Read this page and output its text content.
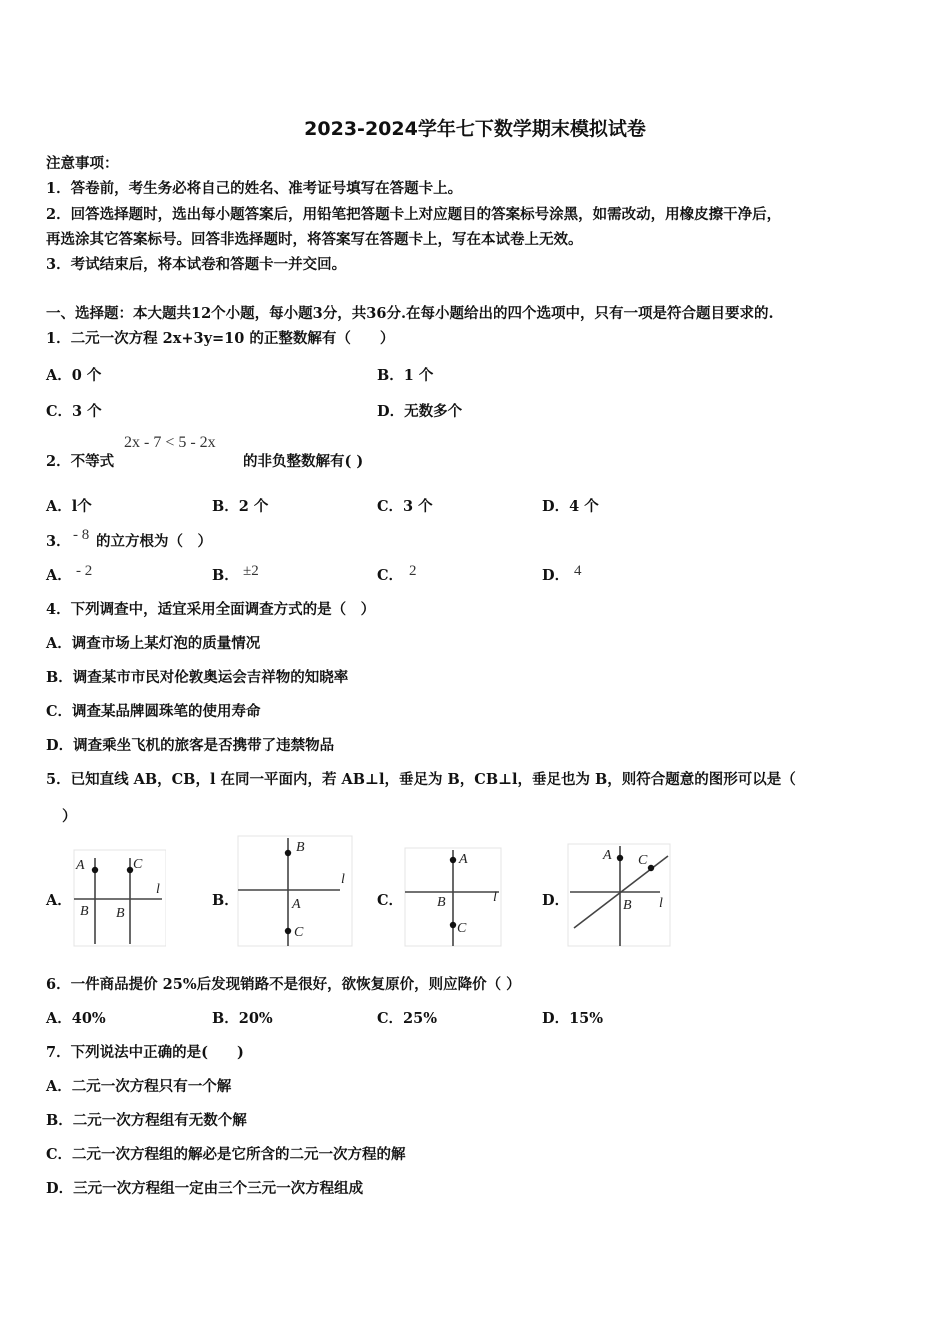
2023-2024学年七下数学期末模拟试卷
注意事项：
1．答卷前，考生务必将自己的姓名、准考证号填写在答题卡上。
2．回答选择题时，选出每小题答案后，用铅笔把答题卡上对应题目的答案标号涂黑，如需改动，用橡皮擦干净后，
再选涂其它答案标号。回答非选择题时，将答案写在答题卡上，写在本试卷上无效。
3．考试结束后，将本试卷和答题卡一并交回。
一、选择题：本大题共12个小题，每小题3分，共36分.在每小题给出的四个选项中，只有一项是符合题目要求的.
1．二元一次方程 2x+3y=10 的正整数解有（　　）
A．0 个	B．1 个
C．3 个	D．无数多个
2．不等式
2x - 7 < 5 - 2x
的非负整数解有( )
A．l个	B．2 个	C．3 个	D．4 个
3． - 8 的立方根为（　）
A． - 2	B． ±2	C． 2	D． 4
4．下列调查中，适宜采用全面调查方式的是（　）
A．调查市场上某灯泡的质量情况
B．调查某市市民对伦敦奥运会吉祥物的知晓率
C．调查某品牌圆珠笔的使用寿命
D．调查乘坐飞机的旅客是否携带了违禁物品
5．已知直线 AB，CB，l 在同一平面内，若 AB⊥l，垂足为 B，CB⊥l，垂足也为 B，则符合题意的图形可以是（
）
A．
A	C
B B
l
B．
B
A
C
l
C．
A
B
C
l	D．
A C
B l
6．一件商品提价 25%后发现销路不是很好，欲恢复原价，则应降价（ ）
A．40%	B．20%	C．25%	D．15%
7．下列说法中正确的是(　　)
A．二元一次方程只有一个解
B．二元一次方程组有无数个解
C．二元一次方程组的解必是它所含的二元一次方程的解
D．三元一次方程组一定由三个三元一次方程组成
